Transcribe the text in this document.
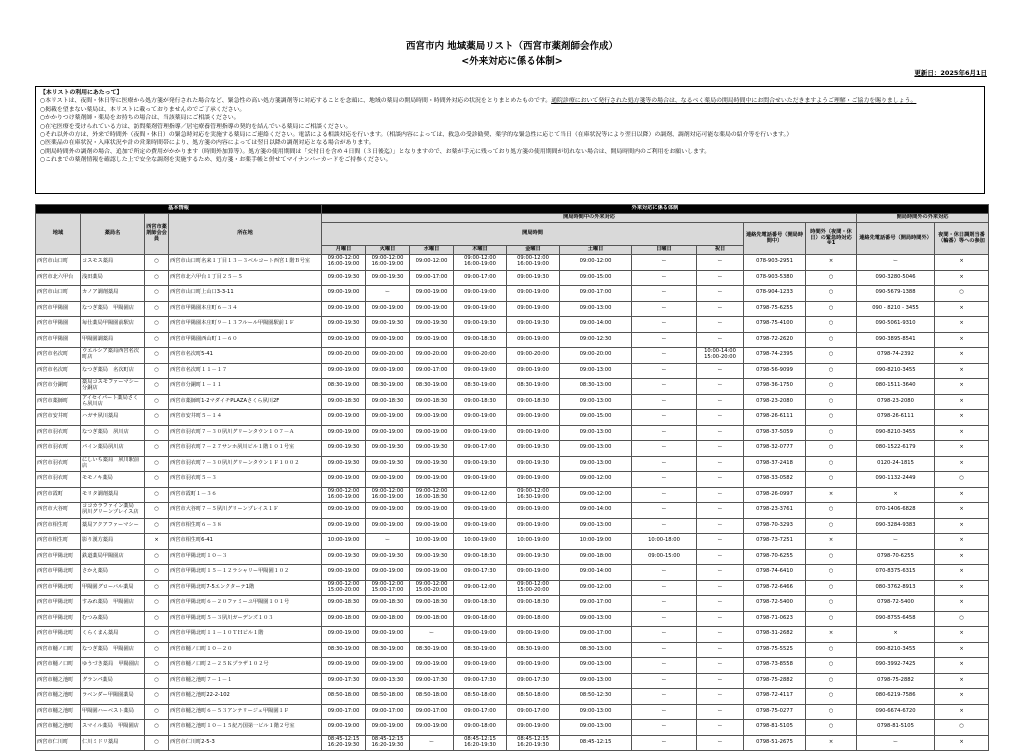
西宮市内 地域薬局リスト（西宮市薬剤師会作成）
<外来対応に係る体制>
更新日：2025年6月1日
【本リストの利用にあたって】
○本リストは、夜間・休日等に医療から処方箋が発行された場合など、緊急性の高い処方箋調剤等に対応することを念頭に、地域の薬局の開局時間・時間外対応の状況をとりまとめたものです。通院診療において発行された処方箋等の場合は、なるべく薬局の開局時間中にお問合せいただきますようご理解・ご協力を賜りましょう。
○掲載を望まない薬局は、本リストに載っておりませんのでご了承ください。
○かかりつけ薬剤師・薬局をお持ちの場合は、当該薬局にご相談ください。
○在宅医療を受けられている方は、訪問薬剤管理指導／居宅療養管理指導の契約を結んでいる薬局にご相談ください。
○それ以外の方は、外来で時間外（夜間・休日）の緊急時対応を実施する薬局にご連絡ください。電話による相談対応を行います。（相談内容によっては、救急の受診勧奨、薬学的な緊急性に応じて当日（在庫状況等により翌日以降）の調剤、調剤対応可能な薬局の紹介等を行います。）
○医薬品の在庫状況・入庫状況や計の営業時間帯により、処方箋の内容によっては翌日以降の調剤対応となる場合があります。
○開局時間外の調剤の場合、追加で所定の費用がかかります（時間外加算等）。処方箋の使用期間は「交付日を含め４日間（３日後迄）」となりますので、お薬が手元に残っており処方箋の使用期間が切れない場合は、開局時間内のご利用をお願いします。
○これまでの薬剤情報を確認した上で安全な調剤を実施するため、処方箋・お薬手帳と併せてマイナンバーカードをご持参ください。
基本情報				外来対応に係る体制											
地域	薬局名	西宮市薬剤師会会員	所在地	開局時間中の外来対応										開局時間外の外来対応	
				開局時間								連絡先電話番号（開局時間中）	時間外（夜間・休日）の緊急時対応※1	連絡先電話番号（開局時間外）	夜間・休日調剤当番（輪番）等への参加
				月曜日	火曜日	水曜日	木曜日	金曜日	土曜日	日曜日	祝日				
西宮市山口町	コスモス薬局	○	西宮市山口町名来１丁目１３－３ベルコート西宮１階Ｂ号室	09:00-12:00 16:00-19:00	09:00-12:00 16:00-19:00	09:00-12:00	09:00-12:00 16:00-19:00	09:00-12:00 16:00-19:00	09:00-12:00	ー	ー	078-903-2951	×	ー	×
西宮市北六甲台	浅田薬局	○	西宮市北六甲台１丁目２５－５	09:00-19:30	09:00-19:30	09:00-17:00	09:00-17:00	09:00-19:30	09:00-15:00	ー	ー	078-903-5380	○	090-3280-5046	×
西宮市山口町	カノア調剤薬局	○	西宮市山口町上山口3-3-11	09:00-19:00	ー	09:00-19:00	09:00-19:00	09:00-19:00	09:00-17:00	ー	ー	078-904-1233	○	090-5679-1388	○
西宮市甲陽園	なつぎ薬局　甲陽園店	○	西宮市甲陽園本庄町６－３４	09:00-19:00	09:00-19:00	09:00-19:00	09:00-19:00	09:00-19:00	09:00-13:00	ー	ー	0798-75-6255	○	090 - 8210 - 3455	×
西宮市甲陽園	毎仕薬局甲陽園前駅店	○	西宮市甲陽園本庄町９－１３フルール甲陽園駅前１Ｆ	09:00-19:30	09:00-19:30	09:00-19:30	09:00-19:30	09:00-19:30	09:00-14:00	ー	ー	0798-75-4100	○	090-5061-9310	×
西宮市甲陽園	甲陽園調薬局	○	西宮市甲陽園西山町１－６０	09:00-19:00	09:00-19:00	09:00-19:00	09:00-18:30	09:00-19:00	09:00-12:30	ー	ー	0798-72-2620	○	090-3895-8541	×
西宮市名次町	ウエルシア薬局西宮名次町店	○	西宮市名次町5-41	09:00-20:00	09:00-20:00	09:00-20:00	09:00-20:00	09:00-20:00	09:00-20:00	ー	10:00-14:00 15:00-20:00	0798-74-2395	○	0798-74-2392	×
西宮市名次町	なつぎ薬局　名次町店	○	西宮市名次町１１－１７	09:00-19:00	09:00-19:00	09:00-17:00	09:00-19:00	09:00-19:00	09:00-13:00	ー	ー	0798-56-9099	○	090-8210-3455	×
西宮市分銅町	薬局コスモファーマシー分銅店	○	西宮市分銅町１－１１	08:30-19:00	08:30-19:00	08:30-19:00	08:30-19:00	08:30-19:00	08:30-13:00	ー	ー	0798-36-1750	○	080-1511-3640	×
西宮市薬師町	アイセイパート薬局さくら夙川店	○	西宮市薬師町1-2マダイチPLAZAさくら夙川2F	09:00-18:30	09:00-18:30	09:00-18:30	09:00-18:30	09:00-18:30	09:00-13:00	ー	ー	0798-23-2080	○	0798-23-2080	×
西宮市安井町	ハガサ夙川薬局	○	西宮市安井町５－１４	09:00-19:00	09:00-19:00	09:00-19:00	09:00-19:00	09:00-19:00	09:00-15:00	ー	ー	0798-26-6111	○	0798-26-6111	×
西宮市羽衣町	なつぎ薬局　夙川店	○	西宮市羽衣町７－３０夙川グリーンタウン１０７－Ａ	09:00-19:00	09:00-19:00	09:00-19:00	09:00-19:00	09:00-19:00	09:00-13:00	ー	ー	0798-37-5059	○	090-8210-3455	×
西宮市羽衣町	パイン薬局夙川店	○	西宮市羽衣町７－２７サンホ夙川ビル１階１０１号室	09:00-19:30	09:00-19:30	09:00-19:30	09:00-17:00	09:00-19:30	09:00-13:00	ー	ー	0798-32-0777	○	080-1522-6179	×
西宮市羽衣町	にしいち薬局　夙川駅前店	○	西宮市羽衣町７－３０夙川グリーンタウン１Ｆ１００２	09:00-19:30	09:00-19:30	09:00-19:30	09:00-19:30	09:00-19:30	09:00-13:00	ー	ー	0798-37-2418	○	0120-24-1815	×
西宮市羽衣町	モモノキ薬局	○	西宮市羽衣町５－３	09:00-19:00	09:00-19:00	09:00-19:00	09:00-19:00	09:00-19:00	09:00-12:00	ー	ー	0798-33-0582	○	090-1132-2449	○
西宮市霞町	モリタ調剤薬局	○	西宮市霞町１－３６	09:00-12:00 16:00-19:00	09:00-12:00 16:00-19:00	09:00-12:00 16:00-18:30	09:00-12:00	09:00-12:00 16:30-19:00	09:00-12:00	ー	ー	0798-26-0997	×	×	×
西宮市大谷町	ココカラファイン薬局　夙川グリーンプレイス店	○	西宮市大谷町７－５夙川グリーンプレイス１Ｆ	09:00-19:00	09:00-19:00	09:00-19:00	09:00-19:00	09:00-19:00	09:00-14:00	ー	ー	0798-23-3761	○	070-1406-6828	×
西宮市相生町	薬局アクアファーマシー	○	西宮市相生町６－３８	09:00-19:00	09:00-19:00	09:00-19:00	09:00-19:00	09:00-19:00	09:00-13:00	ー	ー	0798-70-3293	○	090-3284-9383	×
西宮市相生町	影り漢方薬局	×	西宮市相生町6-41	10:00-19:00	ー	10:00-19:00	10:00-19:00	10:00-19:00	10:00-19:00	10:00-18:00	ー	0798-73-7251	×	ー	×
西宮市甲陽北町	鉄道薬局甲陽園店	○	西宮市甲陽北町１０－３	09:00-19:30	09:00-19:30	09:00-19:30	09:00-18:30	09:00-19:30	09:00-18:00	09:00-15:00	ー	0798-70-6255	○	0798-70-6255	×
西宮市甲陽北町	さかえ薬局	○	西宮市甲陽北町１５－１２ラシャリー甲陽園１０２	09:00-19:00	09:00-19:00	09:00-19:00	09:00-17:30	09:00-19:00	09:00-14:00	ー	ー	0798-74-6410	○	070-8375-6315	×
西宮市甲陽北町	甲陽園グローバル薬局	○	西宮市甲陽北町7-5エンクターテ1階	09:00-12:00 15:00-20:00	09:00-12:00 15:00-17:00	09:00-12:00 15:00-20:00	09:00-12:00	09:00-12:00 15:00-20:00	09:00-12:00	ー	ー	0798-72-6466	○	080-3762-8913	×
西宮市甲陽北町	すみれ薬局　甲陽園店	○	西宮市甲陽北町６－２０ファミーユ甲陽園１０１号	09:00-18:30	09:00-18:30	09:00-18:30	09:00-18:30	09:00-18:30	09:00-17:00	ー	ー	0798-72-5400	○	0798-72-5400	×
西宮市甲陽北町	むつみ薬局	○	西宮市甲陽北町５－３夙川ガーデンズ１０３	09:00-18:00	09:00-18:00	09:00-18:00	09:00-18:00	09:00-18:00	09:00-13:00	ー	ー	0798-71-0623	○	090-8755-6458	○
西宮市甲陽北町	くらくまん薬局	○	西宮市甲陽北町１１－１０ＴＨビル１階	09:00-19:00	09:00-19:00	ー	09:00-19:00	09:00-19:00	09:00-17:00	ー	ー	0798-31-2682	×	×	×
西宮市樋ノ口町	なつぎ薬局　甲陽園店	○	西宮市樋ノ口町１０－２０	08:30-19:00	08:30-19:00	08:30-19:00	08:30-19:00	08:30-19:00	08:30-13:00	ー	ー	0798-75-5525	○	090-8210-3455	×
西宮市樋ノ口町	ゆうづき薬局　甲陽園店	○	西宮市樋ノ口町２－２５Ｋプラザ１０２号	09:00-19:00	09:00-19:00	09:00-19:00	09:00-19:00	09:00-19:00	09:00-13:00	ー	ー	0798-73-8558	○	090-3992-7425	×
西宮市樋之池町	グランパ薬局	○	西宮市樋之池町７－１－１	09:00-17:30	09:00-13:30	09:00-17:30	09:00-17:30	09:00-17:30	09:00-13:00	ー	ー	0798-75-2882	○	0798-75-2882	×
西宮市樋之池町	ラベンダー甲陽園薬局	○	西宮市樋之池町22-2-102	08:50-18:00	08:50-18:00	08:50-18:00	08:50-18:00	08:50-18:00	08:50-12:30	ー	ー	0798-72-4117	○	080-6219-7586	×
西宮市樋之池町	甲陽園ハーベスト薬局	○	西宮市樋之池町６－５３アンテリージェ甲陽園１Ｆ	09:00-17:00	09:00-17:00	09:00-17:00	09:00-17:00	09:00-17:00	09:00-13:00	ー	ー	0798-75-0277	○	090-6674-6720	×
西宮市樋之池町	スマイル薬局　甲陽園店	○	西宮市樋之池町１０－１５紀乃国第一ビル１階２号室	09:00-19:00	09:00-19:00	09:00-19:00	09:00-18:00	09:00-19:00	09:00-13:00	ー	ー	0798-81-5105	○	0798-81-5105	○
西宮市仁川町	仁川ミドリ薬局	○	西宮市仁川町2-5-3	08:45-12:15 16:20-19:30	08:45-12:15 16:20-19:30	ー	08:45-12:15 16:20-19:30	08:45-12:15 16:20-19:30	08:45-12:15	ー	ー	0798-51-2675	×	ー	×
